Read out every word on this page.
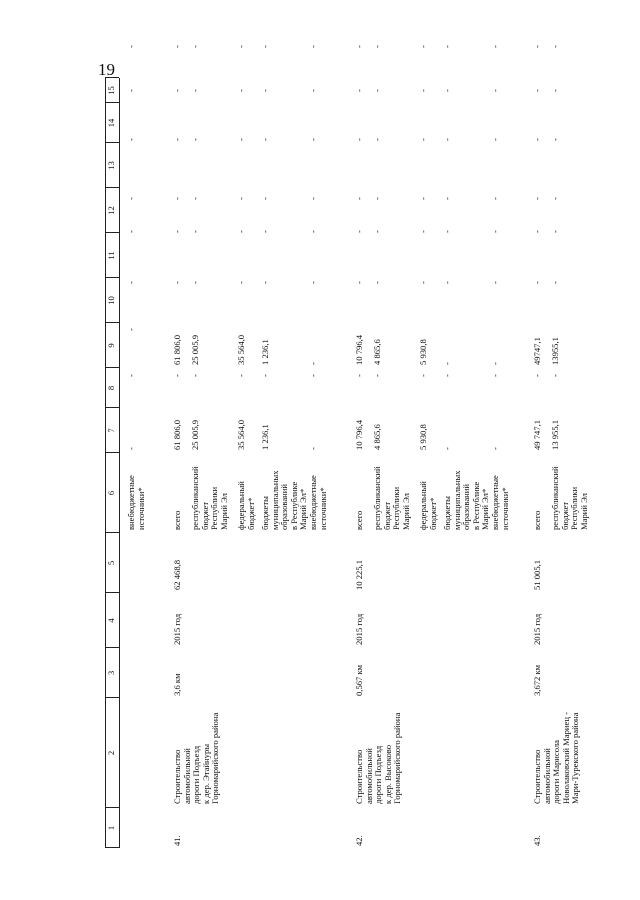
19
1
2
3
4
5
6
7
8
9
10
11
12
13
14
15
внебюджетные
источники*
-
-
-
-
-
-
-
-
-
41.
Строительство автомобильной
дороги Подъезд
к дер. Этайнуры
Горномарийского района
3,6 км
2015 год
62 468,8
всего
61 806,0
-
61 806,0
-
-
-
-
-
-
республиканский
бюджет
Республики
Марий Эл
25 005,9
-
25 005,9
-
-
-
-
-
-
федеральный
бюджет*
35 564,0
-
35 564,0
-
-
-
-
-
-
бюджеты
муниципальных
образований
в Республике
Марий Эл*
1 236,1
-
1 236,1
-
-
-
-
-
-
внебюджетные
источники*
-
-
-
-
-
-
-
-
-
42.
Строительство автомобильной
дороги Подъезд
к дер. Высоково
Горномарийского района
0,567 км
2015 год
10 225,1
всего
10 796,4
-
10 796,4
-
-
-
-
-
-
республиканский
бюджет
Республики
Марий Эл
4 865,6
-
4 865,6
-
-
-
-
-
-
федеральный
бюджет*
5 930,8
-
5 930,8
-
-
-
-
-
-
бюджеты
муниципальных
образований
в Республике
Марий Эл*
-
-
-
-
-
-
-
-
-
внебюджетные
источники*
-
-
-
-
-
-
-
-
-
43.
Строительство автомобильной
дороги Марисолa
Новолаковский Мариец -
Мари-Турекского района
3,672 км
2015 год
51 005,1
всего
49 747,1
-
49747,1
-
-
-
-
-
-
республиканский
бюджет
Республики
Марий Эл
13 955,1
-
13955,1
-
-
-
-
-
-
